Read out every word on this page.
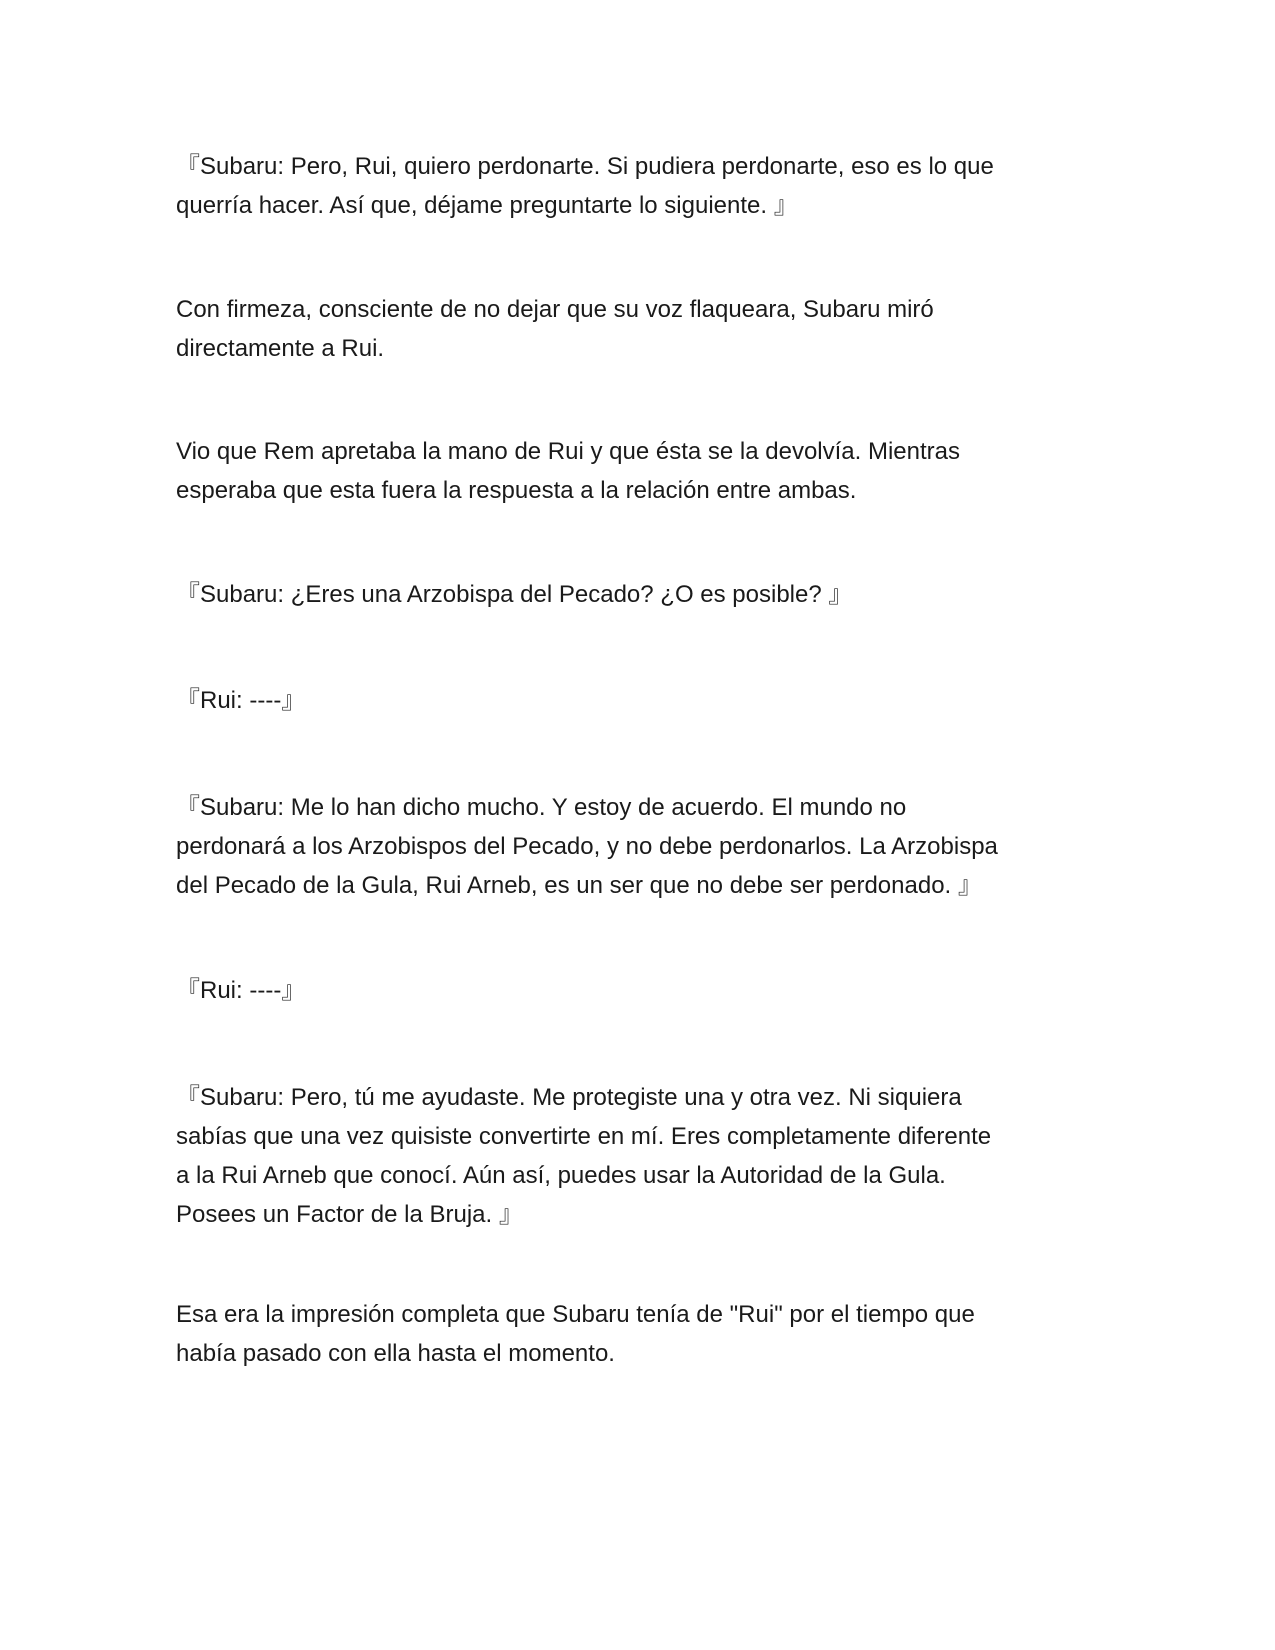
『Subaru: Pero, Rui, quiero perdonarte. Si pudiera perdonarte, eso es lo que
querría hacer. Así que, déjame preguntarte lo siguiente. 』

Con firmeza, consciente de no dejar que su voz flaqueara, Subaru miró
directamente a Rui.

Vio que Rem apretaba la mano de Rui y que ésta se la devolvía. Mientras
esperaba que esta fuera la respuesta a la relación entre ambas.

『Subaru: ¿Eres una Arzobispa del Pecado? ¿O es posible? 』

『Rui: ----』

『Subaru: Me lo han dicho mucho. Y estoy de acuerdo. El mundo no
perdonará a los Arzobispos del Pecado, y no debe perdonarlos. La Arzobispa
del Pecado de la Gula, Rui Arneb, es un ser que no debe ser perdonado. 』

『Rui: ----』

『Subaru: Pero, tú me ayudaste. Me protegiste una y otra vez. Ni siquiera
sabías que una vez quisiste convertirte en mí. Eres completamente diferente
a la Rui Arneb que conocí. Aún así, puedes usar la Autoridad de la Gula.
Posees un Factor de la Bruja. 』

Esa era la impresión completa que Subaru tenía de "Rui" por el tiempo que
había pasado con ella hasta el momento.
